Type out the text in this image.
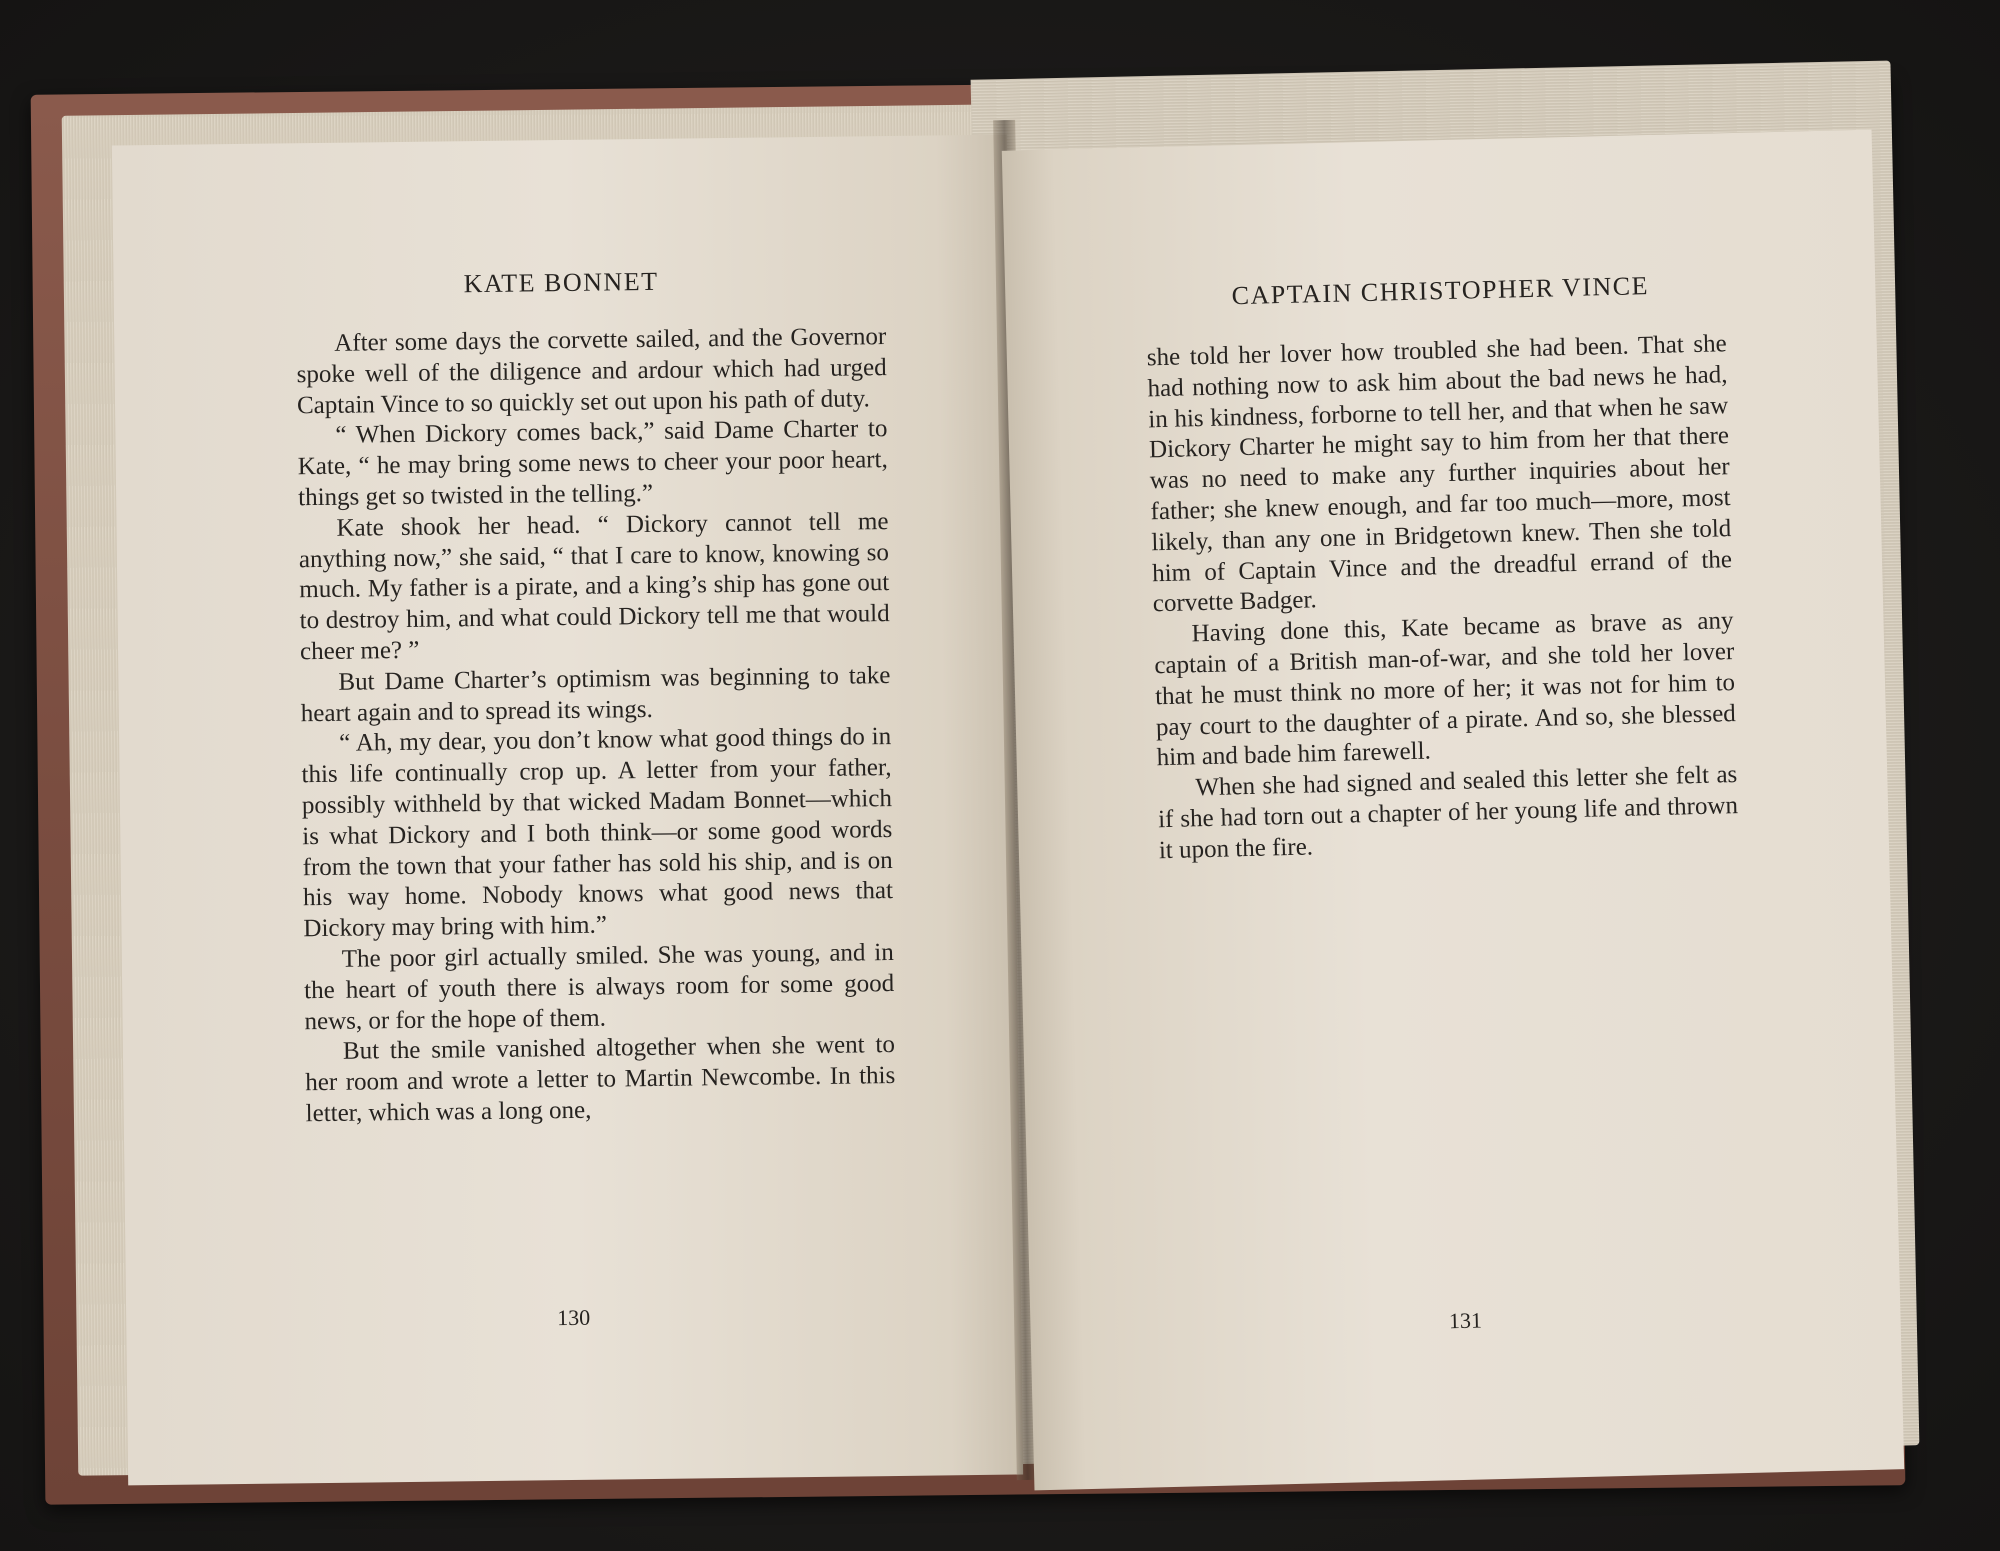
KATE BONNET

After some days the corvette sailed, and the Governor spoke well of the diligence and ardour which had urged Captain Vince to so quickly set out upon his path of duty.

“ When Dickory comes back,” said Dame Charter to Kate, “ he may bring some news to cheer your poor heart, things get so twisted in the telling.”

Kate shook her head. “ Dickory cannot tell me anything now,” she said, “ that I care to know, knowing so much. My father is a pirate, and a king’s ship has gone out to destroy him, and what could Dickory tell me that would cheer me? ”

But Dame Charter’s optimism was beginning to take heart again and to spread its wings.

“ Ah, my dear, you don’t know what good things do in this life continually crop up. A letter from your father, possibly withheld by that wicked Madam Bonnet—which is what Dickory and I both think—or some good words from the town that your father has sold his ship, and is on his way home. Nobody knows what good news that Dickory may bring with him.”

The poor girl actually smiled. She was young, and in the heart of youth there is always room for some good news, or for the hope of them.

But the smile vanished altogether when she went to her room and wrote a letter to Martin Newcombe. In this letter, which was a long one,

130
CAPTAIN CHRISTOPHER VINCE

she told her lover how troubled she had been. That she had nothing now to ask him about the bad news he had, in his kindness, forborne to tell her, and that when he saw Dickory Charter he might say to him from her that there was no need to make any further inquiries about her father; she knew enough, and far too much—more, most likely, than any one in Bridgetown knew. Then she told him of Captain Vince and the dreadful errand of the corvette Badger.

Having done this, Kate became as brave as any captain of a British man-of-war, and she told her lover that he must think no more of her; it was not for him to pay court to the daughter of a pirate. And so, she blessed him and bade him farewell.

When she had signed and sealed this letter she felt as if she had torn out a chapter of her young life and thrown it upon the fire.

131
